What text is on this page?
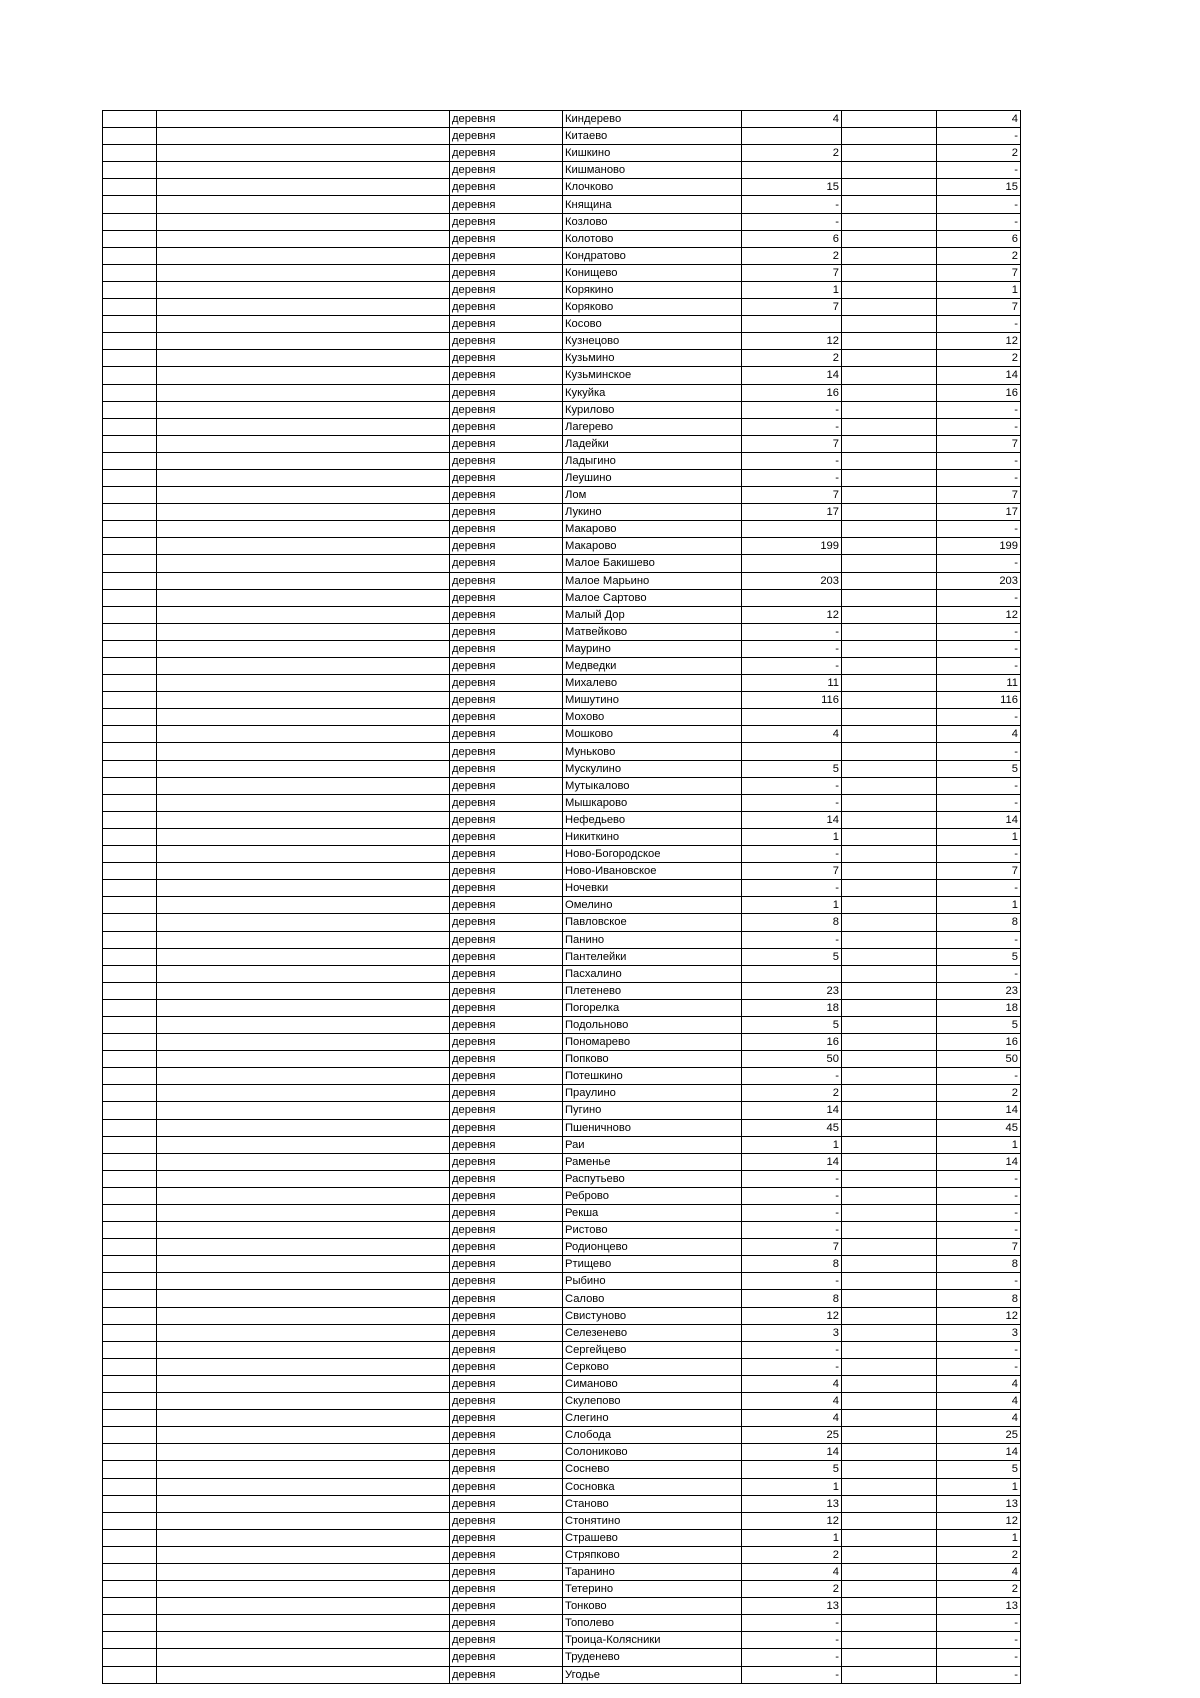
		деревня	Киндерево	4		4
		деревня	Китаево			-
		деревня	Кишкино	2		2
		деревня	Кишманово			-
		деревня	Клочково	15		15
		деревня	Княщина	-		-
		деревня	Козлово	-		-
		деревня	Колотово	6		6
		деревня	Кондратово	2		2
		деревня	Конищево	7		7
		деревня	Корякино	1		1
		деревня	Коряково	7		7
		деревня	Косово			-
		деревня	Кузнецово	12		12
		деревня	Кузьмино	2		2
		деревня	Кузьминское	14		14
		деревня	Кукуйка	16		16
		деревня	Курилово	-		-
		деревня	Лагерево	-		-
		деревня	Ладейки	7		7
		деревня	Ладыгино	-		-
		деревня	Леушино	-		-
		деревня	Лом	7		7
		деревня	Лукино	17		17
		деревня	Макарово			-
		деревня	Макарово	199		199
		деревня	Малое Бакишево			-
		деревня	Малое Марьино	203		203
		деревня	Малое Сартово			-
		деревня	Малый Дор	12		12
		деревня	Матвейково	-		-
		деревня	Маурино	-		-
		деревня	Медведки	-		-
		деревня	Михалево	11		11
		деревня	Мишутино	116		116
		деревня	Мохово			-
		деревня	Мошково	4		4
		деревня	Муньково			-
		деревня	Мускулино	5		5
		деревня	Мутыкалово	-		-
		деревня	Мышкарово	-		-
		деревня	Нефедьево	14		14
		деревня	Никиткино	1		1
		деревня	Ново-Богородское	-		-
		деревня	Ново-Ивановское	7		7
		деревня	Ночевки	-		-
		деревня	Омелино	1		1
		деревня	Павловское	8		8
		деревня	Панино	-		-
		деревня	Пантелейки	5		5
		деревня	Пасхалино			-
		деревня	Плетенево	23		23
		деревня	Погорелка	18		18
		деревня	Подольново	5		5
		деревня	Пономарево	16		16
		деревня	Попково	50		50
		деревня	Потешкино	-		-
		деревня	Праулино	2		2
		деревня	Пугино	14		14
		деревня	Пшеничново	45		45
		деревня	Раи	1		1
		деревня	Раменье	14		14
		деревня	Распутьево	-		-
		деревня	Реброво	-		-
		деревня	Рекша	-		-
		деревня	Ристово	-		-
		деревня	Родионцево	7		7
		деревня	Ртищево	8		8
		деревня	Рыбино	-		-
		деревня	Салово	8		8
		деревня	Свистуново	12		12
		деревня	Селезенево	3		3
		деревня	Сергейцево	-		-
		деревня	Серково	-		-
		деревня	Симаново	4		4
		деревня	Скулепово	4		4
		деревня	Слегино	4		4
		деревня	Слобода	25		25
		деревня	Солониково	14		14
		деревня	Соснево	5		5
		деревня	Сосновка	1		1
		деревня	Станово	13		13
		деревня	Стонятино	12		12
		деревня	Страшево	1		1
		деревня	Стряпково	2		2
		деревня	Таранино	4		4
		деревня	Тетерино	2		2
		деревня	Тонково	13		13
		деревня	Тополево	-		-
		деревня	Троица-Колясники	-		-
		деревня	Труденево	-		-
		деревня	Угодье	-		-
